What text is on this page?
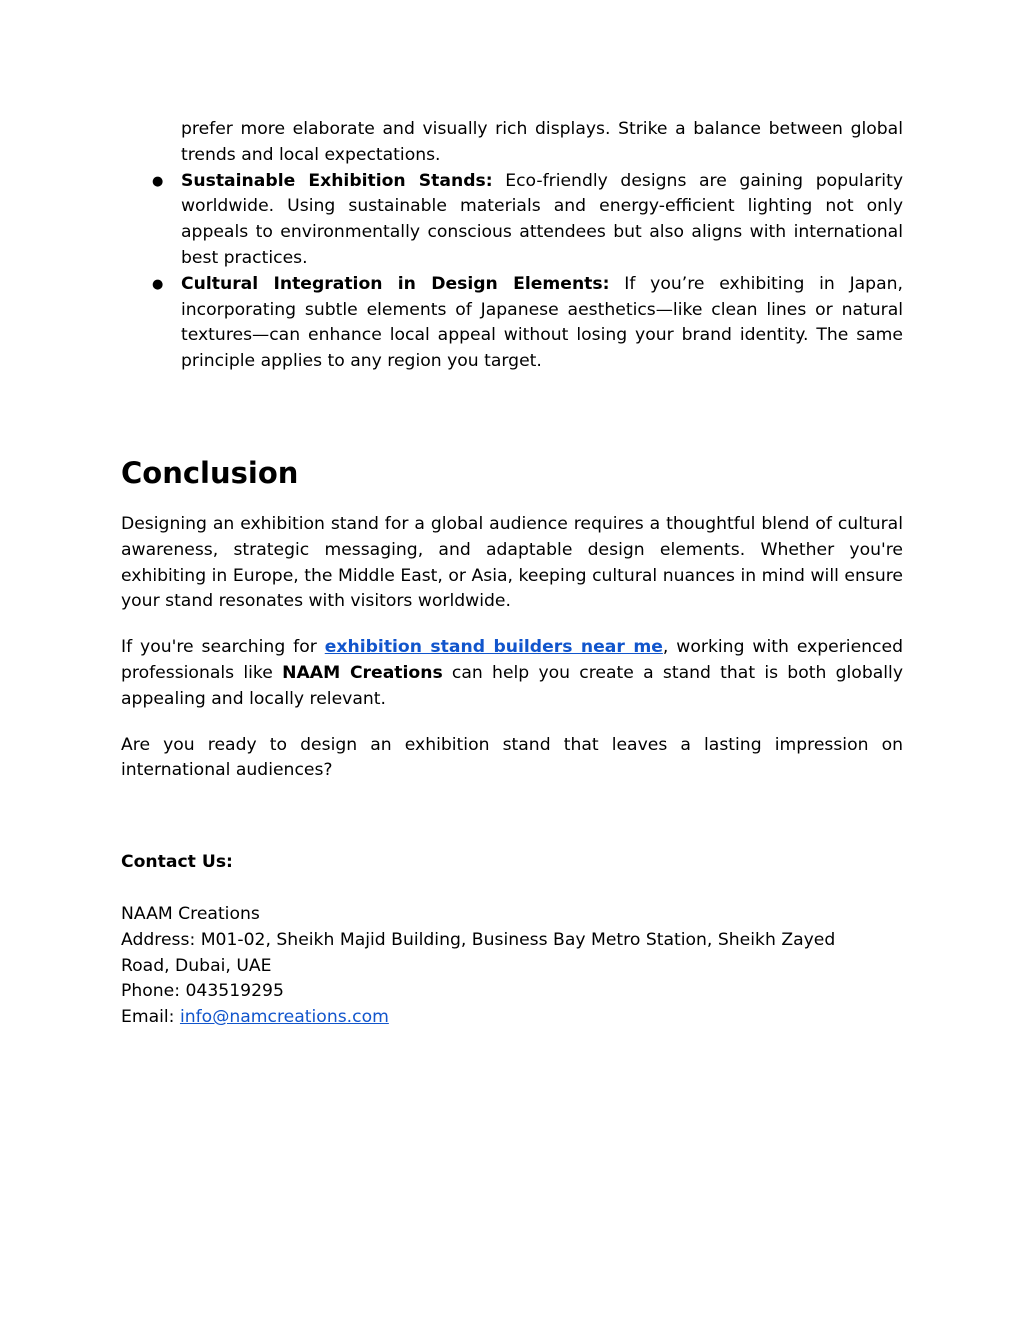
prefer more elaborate and visually rich displays. Strike a balance between global trends and local expectations.
● Sustainable Exhibition Stands: Eco-friendly designs are gaining popularity worldwide. Using sustainable materials and energy-efficient lighting not only appeals to environmentally conscious attendees but also aligns with international best practices.
● Cultural Integration in Design Elements: If you’re exhibiting in Japan, incorporating subtle elements of Japanese aesthetics—like clean lines or natural textures—can enhance local appeal without losing your brand identity. The same principle applies to any region you target.
Conclusion

Designing an exhibition stand for a global audience requires a thoughtful blend of cultural awareness, strategic messaging, and adaptable design elements. Whether you're exhibiting in Europe, the Middle East, or Asia, keeping cultural nuances in mind will ensure your stand resonates with visitors worldwide.

If you're searching for exhibition stand builders near me, working with experienced professionals like NAAM Creations can help you create a stand that is both globally appealing and locally relevant.

Are you ready to design an exhibition stand that leaves a lasting impression on international audiences?

Contact Us:

NAAM Creations

Address: M01-02, Sheikh Majid Building, Business Bay Metro Station, Sheikh Zayed

Road, Dubai, UAE

Phone: 043519295

Email: info@namcreations.com
